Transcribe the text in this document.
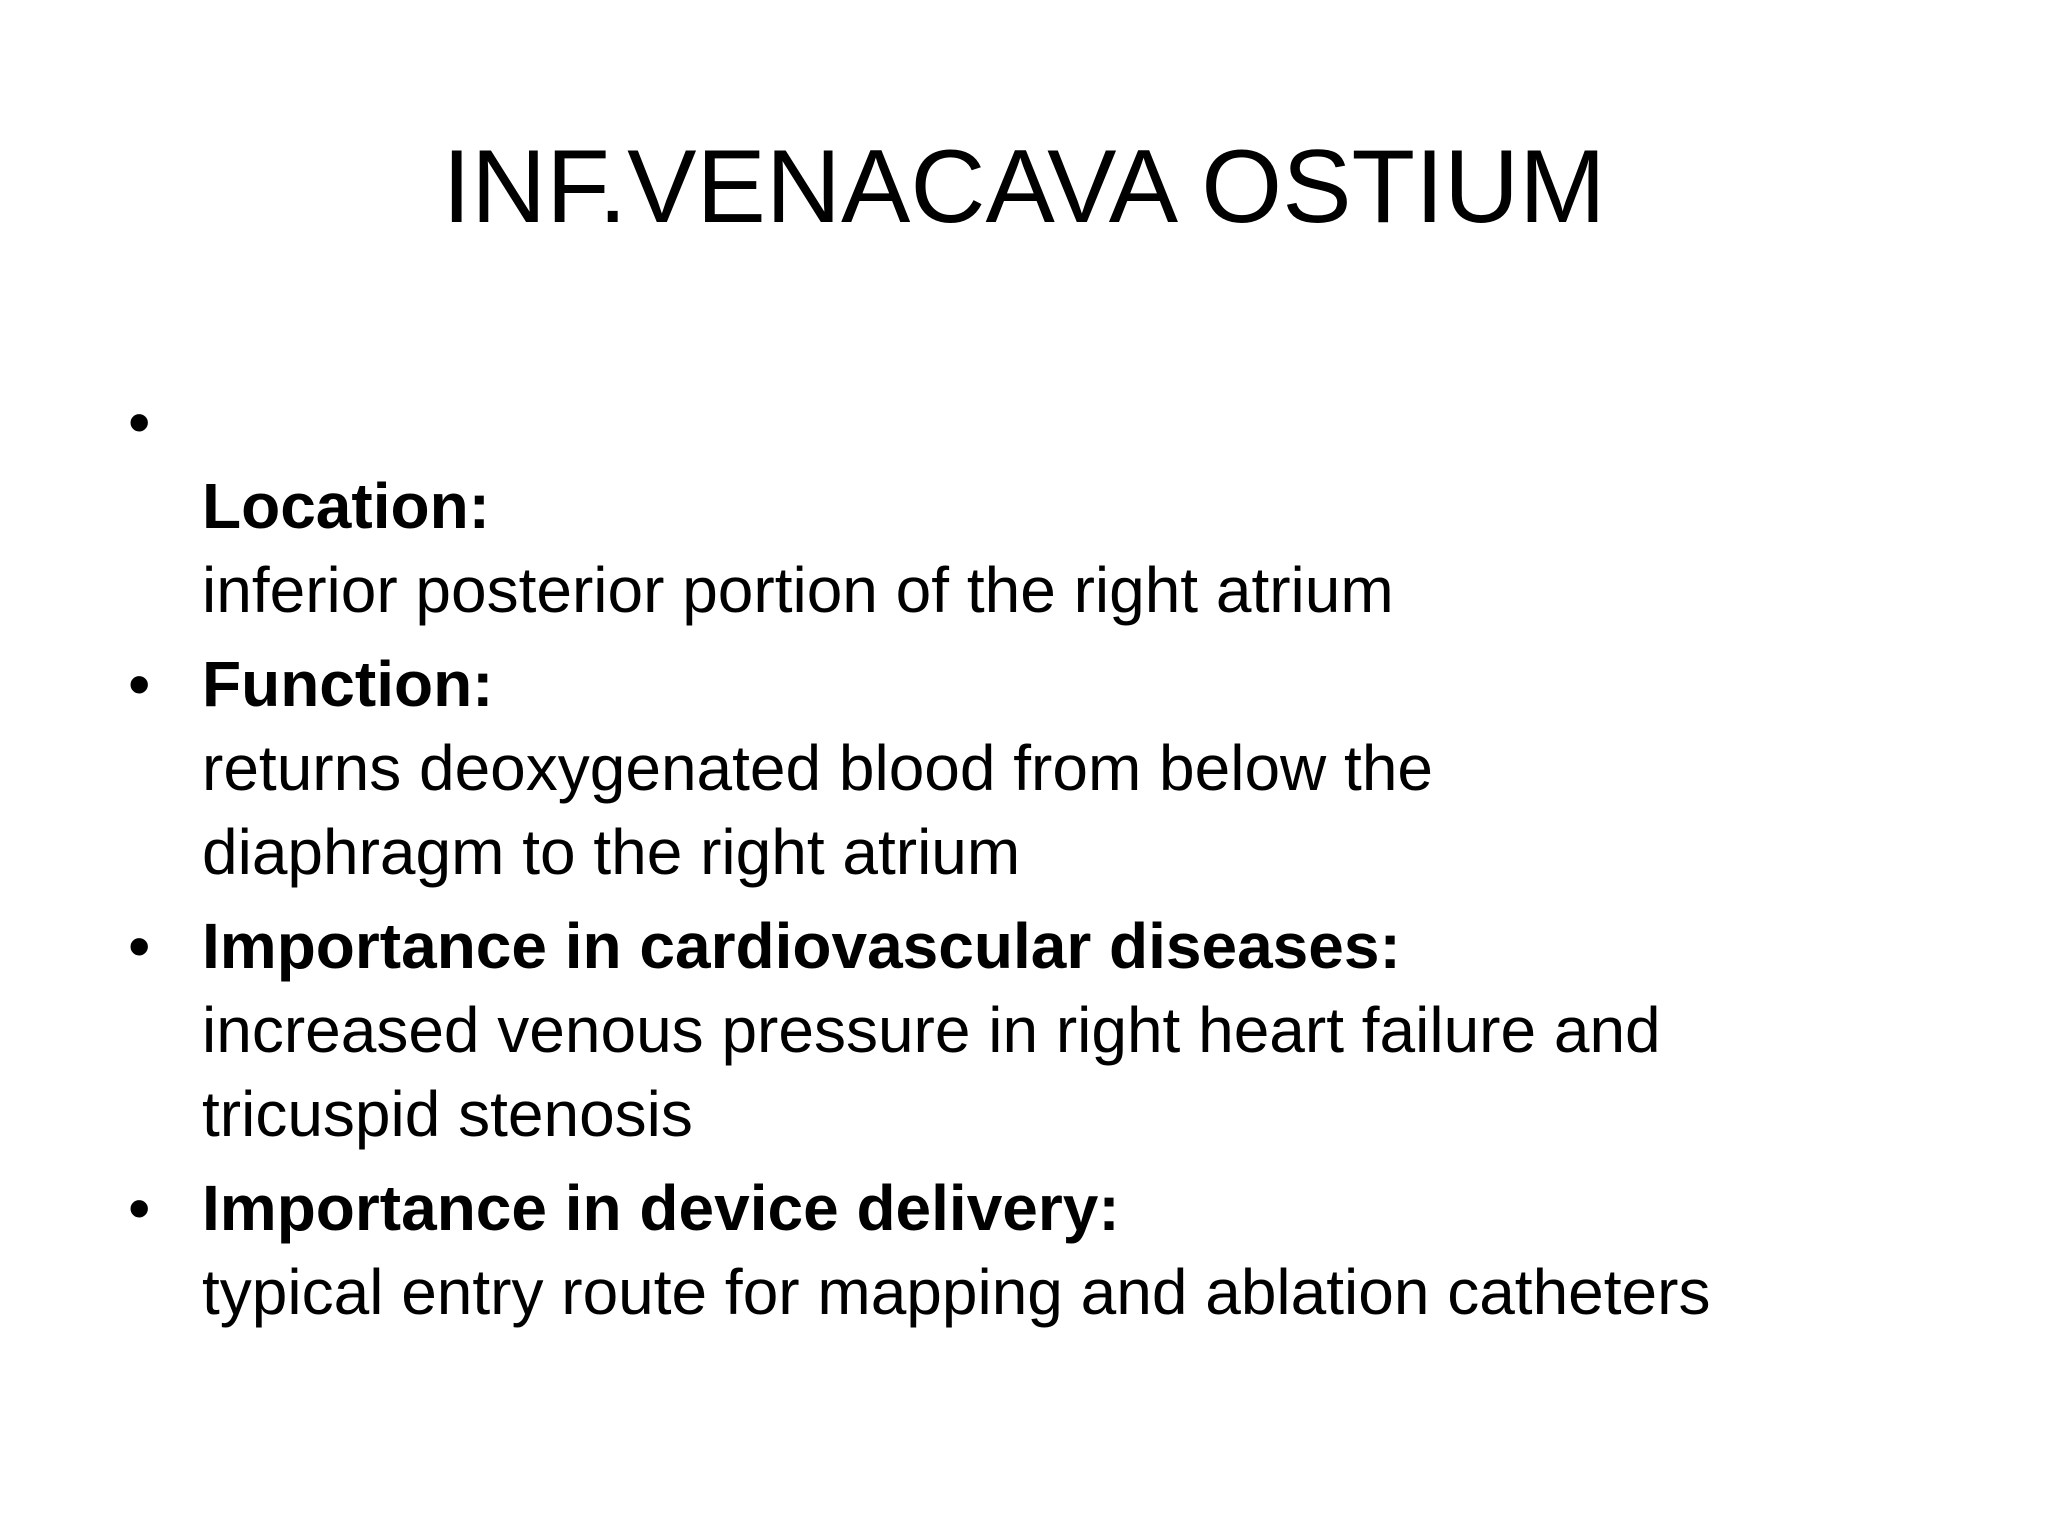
INF.VENACAVA OSTIUM
•
Location:
inferior posterior portion of the right atrium
• Function:
returns deoxygenated blood from below the diaphragm to the right atrium
• Importance in cardiovascular diseases:
increased venous pressure in right heart failure and tricuspid stenosis
• Importance in device delivery:
typical entry route for mapping and ablation catheters
